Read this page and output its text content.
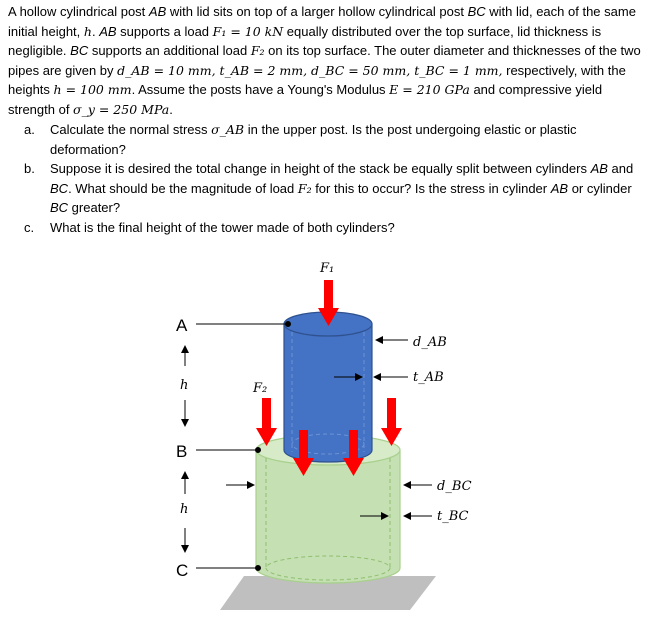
A hollow cylindrical post AB with lid sits on top of a larger hollow cylindrical post BC with lid, each of the same initial height, h. AB supports a load F₁ = 10 kN equally distributed over the top surface, lid thickness is negligible. BC supports an additional load F₂ on its top surface. The outer diameter and thicknesses of the two pipes are given by d_AB = 10 mm, t_AB = 2 mm, d_BC = 50 mm, t_BC = 1 mm, respectively, with the heights h = 100 mm. Assume the posts have a Young's Modulus E = 210 GPa and compressive yield strength of σ_y = 250 MPa.

a.	Calculate the normal stress σ_AB in the upper post. Is the post undergoing elastic or plastic deformation?
b.	Suppose it is desired the total change in height of the stack be equally split between cylinders AB and BC. What should be the magnitude of load F₂ for this to occur? Is the stress in cylinder AB or cylinder BC greater?
c.	What is the final height of the tower made of both cylinders?
A
B
C
h
h
F₁
F₂
d_AB
t_AB
d_BC
t_BC
